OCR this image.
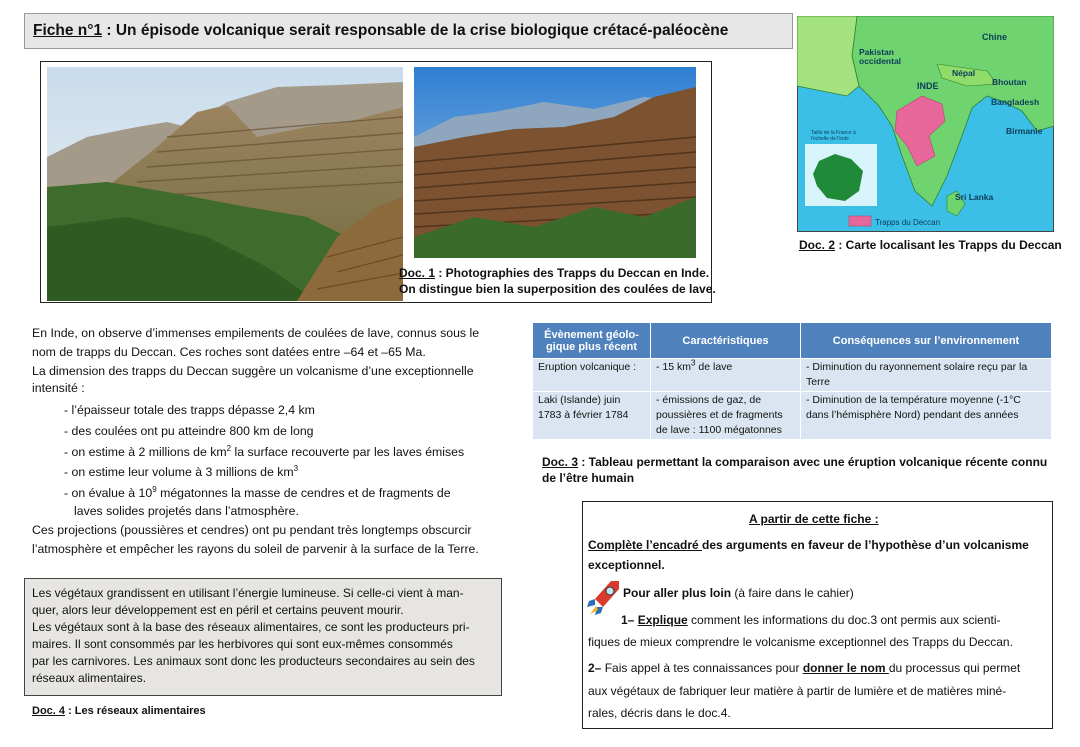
Fiche n°1 : Un épisode volcanique serait responsable de la crise biologique crétacé-paléocène
Doc. 1 : Photographies des Trapps du Deccan en Inde.
On distingue bien la superposition des coulées de lave.
Chine
Pakistan
occidental
Népal
INDE	Bhoutan
Bangladesh
Birmanie
Sri Lanka
Taille de la France à
l'échelle de l'inde
Trapps du Deccan
Doc. 2 : Carte localisant les Trapps du Deccan
En Inde, on observe d’immenses empilements de coulées de lave, connus sous le
nom de trapps du Deccan. Ces roches sont datées entre –64 et –65 Ma.
La dimension des trapps du Deccan suggère un volcanisme d’une exceptionnelle
intensité :
- l’épaisseur totale des trapps dépasse 2,4 km
- des coulées ont pu atteindre 800 km de long
- on estime à 2 millions de $km^2$ la surface recouverte par les laves émises
- on estime leur volume à 3 millions de $km^3$
- on évalue à $10^9$ mégatonnes la masse de cendres et de fragments de
laves solides projetés dans l’atmosphère.
Ces projections (poussières et cendres) ont pu pendant très longtemps obscurcir
l’atmosphère et empêcher les rayons du soleil de parvenir à la surface de la Terre.
Évènement géolo-gique plus récent	Caractéristiques	Conséquences sur l’environnement
Eruption volcanique :	- 15 $km^3$ de lave	- Diminution du rayonnement solaire reçu par la Terre
Laki (Islande) juin 1783 à février 1784	- émissions de gaz, de poussières et de fragments de lave : 1100 mégatonnes	- Diminution de la température moyenne (-1°C dans l’hémisphère Nord) pendant des années
Doc. 3 : Tableau permettant la comparaison avec une éruption volcanique récente connu
de l’être humain
Les végétaux grandissent en utilisant l’énergie lumineuse. Si celle-ci vient à man-
quer, alors leur développement est en péril et certains peuvent mourir.
Les végétaux sont à la base des réseaux alimentaires, ce sont les producteurs pri-
maires. Il sont consommés par les herbivores qui sont eux-mêmes consommés
par les carnivores. Les animaux sont donc les producteurs secondaires au sein des
réseaux alimentaires.
Doc. 4 : Les réseaux alimentaires
A partir de cette fiche :
Complète l’encadré des arguments en faveur de l’hypothèse d’un volcanisme
exceptionnel.
Pour aller plus loin (à faire dans le cahier)
1– Explique comment les informations du doc.3 ont permis aux scienti-
fiques de mieux comprendre le volcanisme exceptionnel des Trapps du Deccan.
2– Fais appel à tes connaissances pour donner le nom du processus qui permet
aux végétaux de fabriquer leur matière à partir de lumière et de matières miné-
rales, décris dans le doc.4.
